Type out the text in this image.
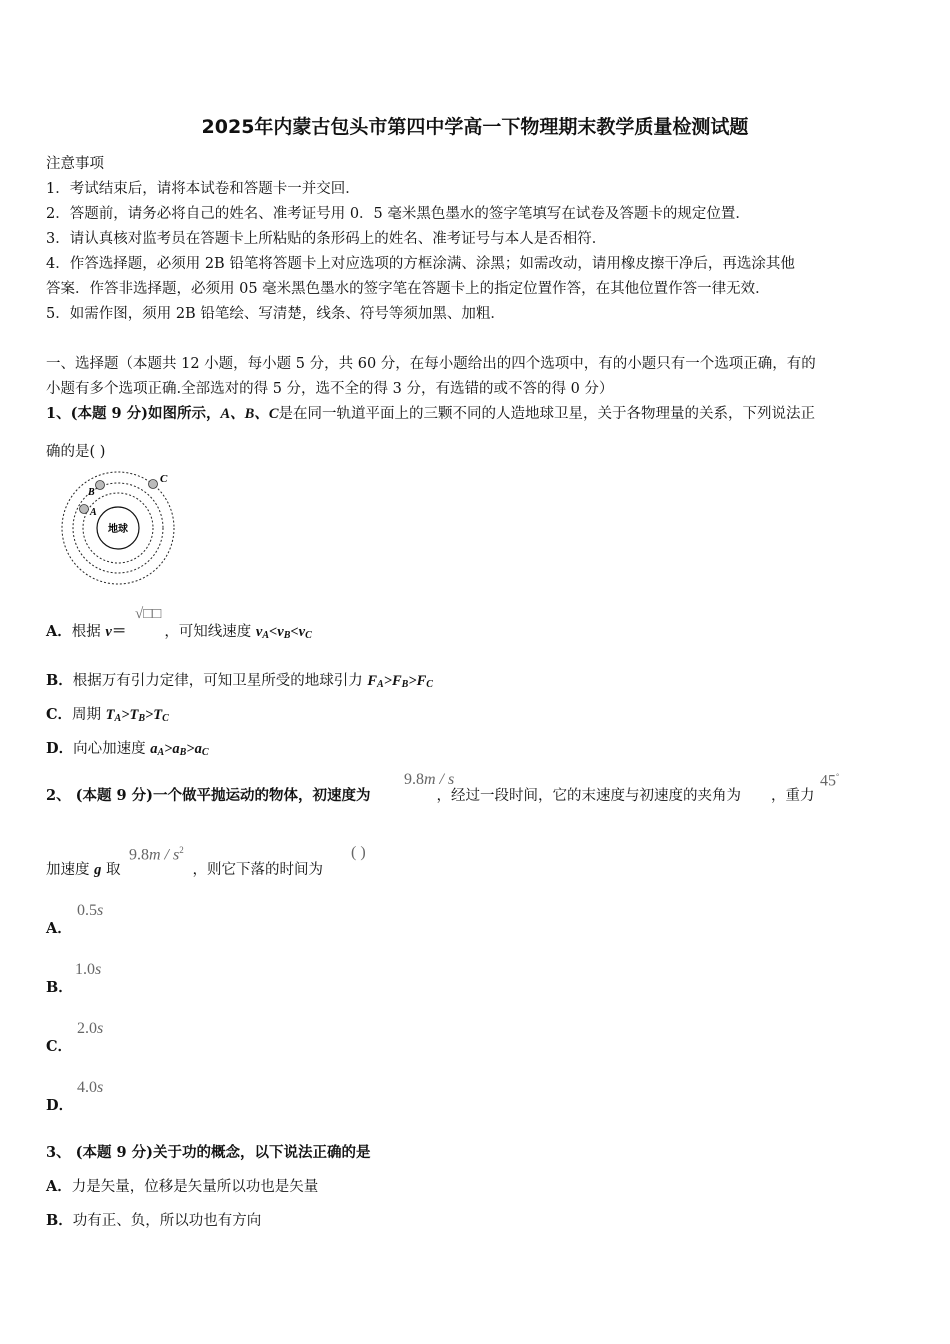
2025年内蒙古包头市第四中学高一下物理期末教学质量检测试题
注意事项
1．考试结束后，请将本试卷和答题卡一并交回．
2．答题前，请务必将自己的姓名、准考证号用 0．5 毫米黑色墨水的签字笔填写在试卷及答题卡的规定位置．
3．请认真核对监考员在答题卡上所粘贴的条形码上的姓名、准考证号与本人是否相符．
4．作答选择题，必须用 2B 铅笔将答题卡上对应选项的方框涂满、涂黑；如需改动，请用橡皮擦干净后，再选涂其他
答案．作答非选择题，必须用 05 毫米黑色墨水的签字笔在答题卡上的指定位置作答，在其他位置作答一律无效．
5．如需作图，须用 2B 铅笔绘、写清楚，线条、符号等须加黑、加粗．
一、选择题（本题共 12 小题，每小题 5 分，共 60 分，在每小题给出的四个选项中，有的小题只有一个选项正确，有的
小题有多个选项正确.全部选对的得 5 分，选不全的得 3 分，有选错的或不答的得 0 分）
1、(本题 9 分)如图所示，A、B、C是在同一轨道平面上的三颗不同的人造地球卫星，关于各物理量的关系，下列说法正
确的是( )
地球
A
B
C
A．根据 v＝	，可知线速度 $v_A<v_B<v_C$
√□□
B．根据万有引力定律，可知卫星所受的地球引力 $F_A>F_B>F_C$
C．周期 $T_A>T_B>T_C$
D．向心加速度 $a_A>a_B>a_C$
2、 (本题 9 分)一个做平抛运动的物体，初速度为	，经过一段时间，它的末速度与初速度的夹角为 ，重力
9.8m / s	45°
加速度 g 取	，则它下落的时间为
$9.8m / s^2$	( )
A．
0.5s
B．
1.0s
C．
2.0s
D．
4.0s
3、 (本题 9 分)关于功的概念，以下说法正确的是
A．力是矢量，位移是矢量所以功也是矢量
B．功有正、负，所以功也有方向
